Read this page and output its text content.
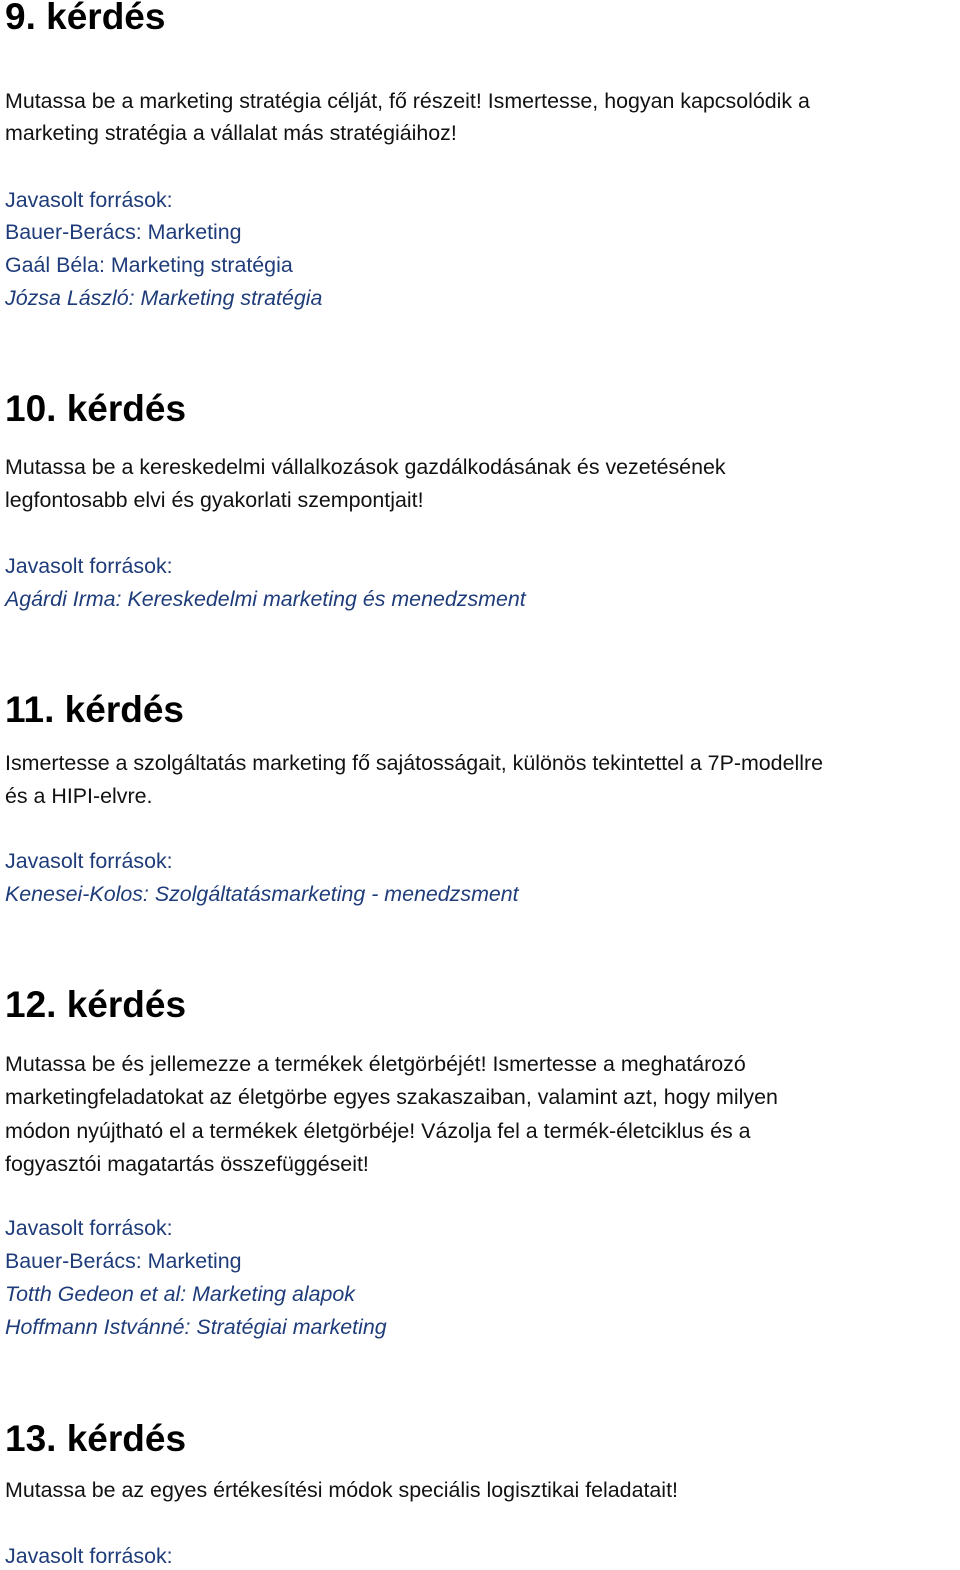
9. kérdés

Mutassa be a marketing stratégia célját, fő részeit! Ismertesse, hogyan kapcsolódik a

marketing stratégia a vállalat más stratégiáihoz!

Javasolt források:

Bauer-Berács: Marketing

Gaál Béla: Marketing stratégia

Józsa László: Marketing stratégia

10. kérdés

Mutassa be a kereskedelmi vállalkozások gazdálkodásának és vezetésének

legfontosabb elvi és gyakorlati szempontjait!

Javasolt források:

Agárdi Irma: Kereskedelmi marketing és menedzsment

11. kérdés

Ismertesse a szolgáltatás marketing fő sajátosságait, különös tekintettel a 7P-modellre

és a HIPI-elvre.

Javasolt források:

Kenesei-Kolos: Szolgáltatásmarketing - menedzsment

12. kérdés

Mutassa be és jellemezze a termékek életgörbéjét! Ismertesse a meghatározó

marketingfeladatokat az életgörbe egyes szakaszaiban, valamint azt, hogy milyen

módon nyújtható el a termékek életgörbéje! Vázolja fel a termék-életciklus és a

fogyasztói magatartás összefüggéseit!

Javasolt források:

Bauer-Berács: Marketing

Totth Gedeon et al: Marketing alapok

Hoffmann Istvánné: Stratégiai marketing

13. kérdés

Mutassa be az egyes értékesítési módok speciális logisztikai feladatait!

Javasolt források:
